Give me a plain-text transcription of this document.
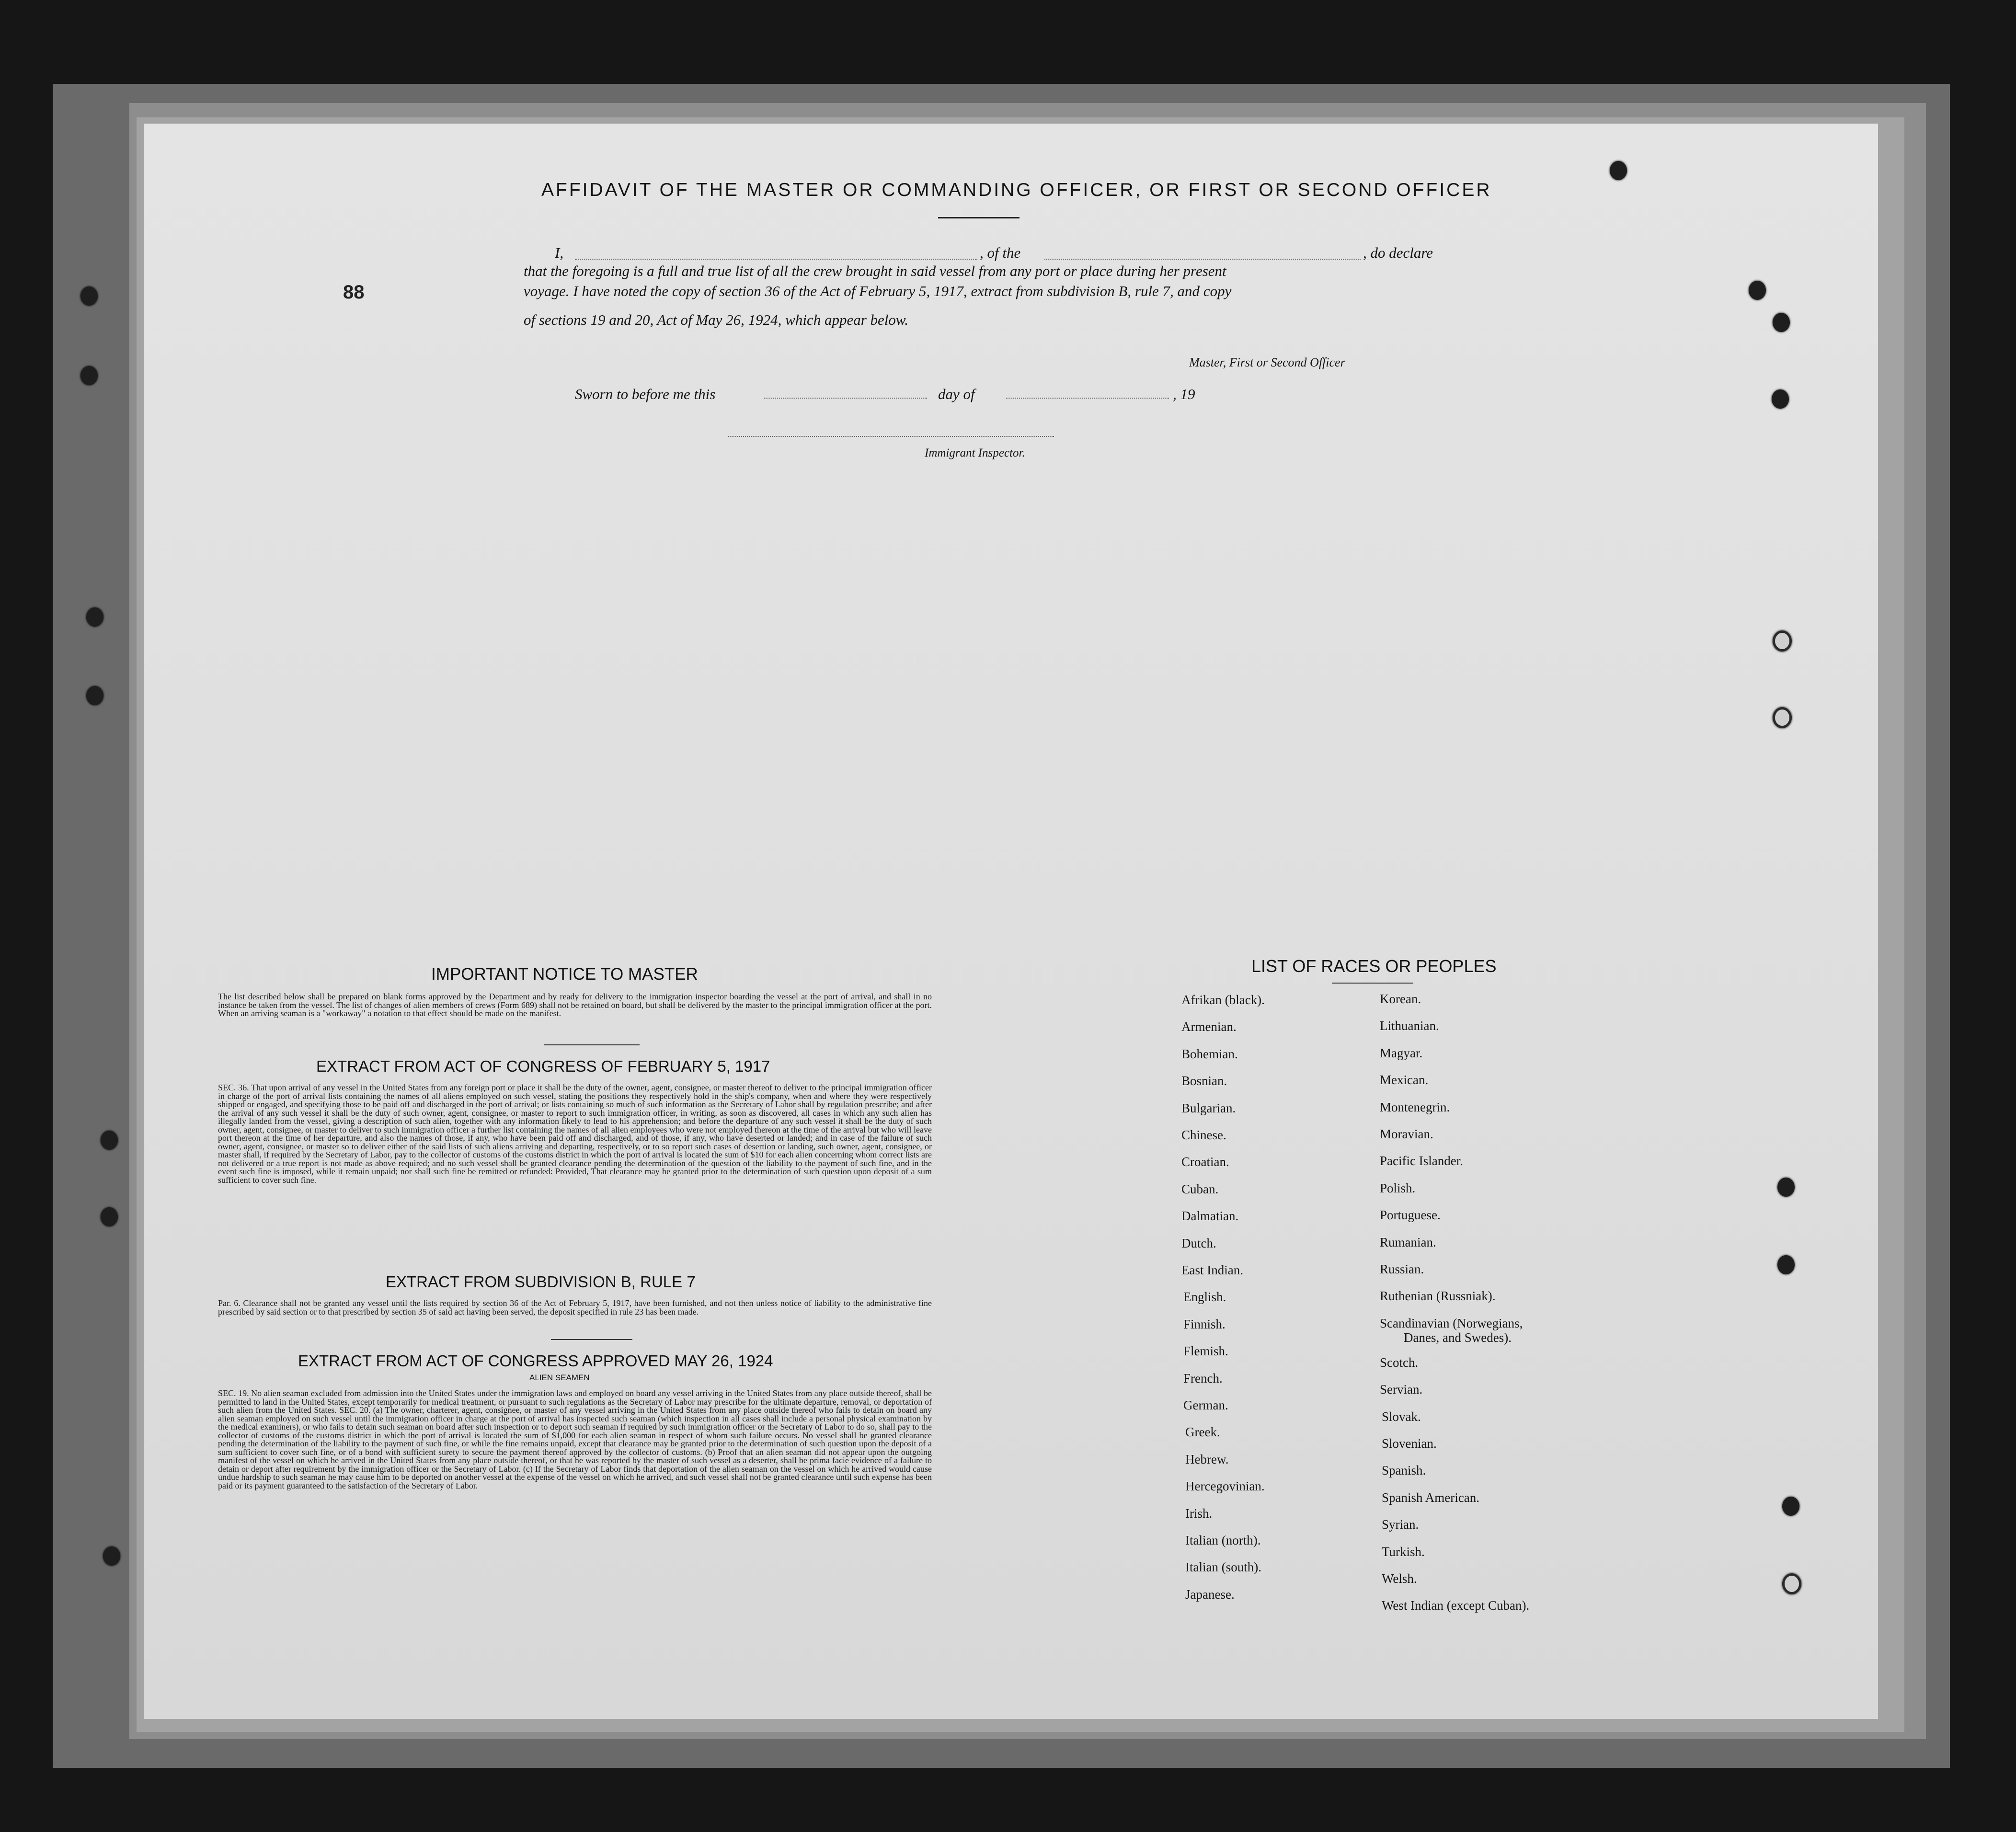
AFFIDAVIT OF THE MASTER OR COMMANDING OFFICER, OR FIRST OR SECOND OFFICER
88
I,	, of the	, do declare
that the foregoing is a full and true list of all the crew brought in said vessel from any port or place during her present
voyage. I have noted the copy of section 36 of the Act of February 5, 1917, extract from subdivision B, rule 7, and copy
of sections 19 and 20, Act of May 26, 1924, which appear below.
Master, First or Second Officer
Sworn to before me this	day of	, 19
Immigrant Inspector.
IMPORTANT NOTICE TO MASTER
The list described below shall be prepared on blank forms approved by the Department and by ready for delivery to the immigration inspector boarding the vessel at the port of arrival, and shall in no instance be taken from the vessel. The list of changes of alien members of crews (Form 689) shall not be retained on board, but shall be delivered by the master to the principal immigration officer at the port. When an arriving seaman is a "workaway" a notation to that effect should be made on the manifest.
EXTRACT FROM ACT OF CONGRESS OF FEBRUARY 5, 1917
SEC. 36. That upon arrival of any vessel in the United States from any foreign port or place it shall be the duty of the owner, agent, consignee, or master thereof to deliver to the principal immigration officer in charge of the port of arrival lists containing the names of all aliens employed on such vessel, stating the positions they respectively hold in the ship's company, when and where they were respectively shipped or engaged, and specifying those to be paid off and discharged in the port of arrival; or lists containing so much of such information as the Secretary of Labor shall by regulation prescribe; and after the arrival of any such vessel it shall be the duty of such owner, agent, consignee, or master to report to such immigration officer, in writing, as soon as discovered, all cases in which any such alien has illegally landed from the vessel, giving a description of such alien, together with any information likely to lead to his apprehension; and before the departure of any such vessel it shall be the duty of such owner, agent, consignee, or master to deliver to such immigration officer a further list containing the names of all alien employees who were not employed thereon at the time of the arrival but who will leave port thereon at the time of her departure, and also the names of those, if any, who have been paid off and discharged, and of those, if any, who have deserted or landed; and in case of the failure of such owner, agent, consignee, or master so to deliver either of the said lists of such aliens arriving and departing, respectively, or to so report such cases of desertion or landing, such owner, agent, consignee, or master shall, if required by the Secretary of Labor, pay to the collector of customs of the customs district in which the port of arrival is located the sum of $10 for each alien concerning whom correct lists are not delivered or a true report is not made as above required; and no such vessel shall be granted clearance pending the determination of the question of the liability to the payment of such fine, and in the event such fine is imposed, while it remain unpaid; nor shall such fine be remitted or refunded: Provided, That clearance may be granted prior to the determination of such question upon deposit of a sum sufficient to cover such fine.
EXTRACT FROM SUBDIVISION B, RULE 7
Par. 6. Clearance shall not be granted any vessel until the lists required by section 36 of the Act of February 5, 1917, have been furnished, and not then unless notice of liability to the administrative fine prescribed by said section or to that prescribed by section 35 of said act having been served, the deposit specified in rule 23 has been made.
EXTRACT FROM ACT OF CONGRESS APPROVED MAY 26, 1924
ALIEN SEAMEN
SEC. 19. No alien seaman excluded from admission into the United States under the immigration laws and employed on board any vessel arriving in the United States from any place outside thereof, shall be permitted to land in the United States, except temporarily for medical treatment, or pursuant to such regulations as the Secretary of Labor may prescribe for the ultimate departure, removal, or deportation of such alien from the United States. SEC. 20. (a) The owner, charterer, agent, consignee, or master of any vessel arriving in the United States from any place outside thereof who fails to detain on board any alien seaman employed on such vessel until the immigration officer in charge at the port of arrival has inspected such seaman (which inspection in all cases shall include a personal physical examination by the medical examiners), or who fails to detain such seaman on board after such inspection or to deport such seaman if required by such immigration officer or the Secretary of Labor to do so, shall pay to the collector of customs of the customs district in which the port of arrival is located the sum of $1,000 for each alien seaman in respect of whom such failure occurs. No vessel shall be granted clearance pending the determination of the liability to the payment of such fine, or while the fine remains unpaid, except that clearance may be granted prior to the determination of such question upon the deposit of a sum sufficient to cover such fine, or of a bond with sufficient surety to secure the payment thereof approved by the collector of customs. (b) Proof that an alien seaman did not appear upon the outgoing manifest of the vessel on which he arrived in the United States from any place outside thereof, or that he was reported by the master of such vessel as a deserter, shall be prima facie evidence of a failure to detain or deport after requirement by the immigration officer or the Secretary of Labor. (c) If the Secretary of Labor finds that deportation of the alien seaman on the vessel on which he arrived would cause undue hardship to such seaman he may cause him to be deported on another vessel at the expense of the vessel on which he arrived, and such vessel shall not be granted clearance until such expense has been paid or its payment guaranteed to the satisfaction of the Secretary of Labor.
LIST OF RACES OR PEOPLES
Afrikan (black).
Armenian.
Bohemian.
Bosnian.
Bulgarian.
Chinese.
Croatian.
Cuban.
Dalmatian.
Dutch.
East Indian.
English.
Finnish.
Flemish.
French.
German.
Greek.
Hebrew.
Hercegovinian.
Irish.
Italian (north).
Italian (south).
Japanese.
Korean.
Lithuanian.
Magyar.
Mexican.
Montenegrin.
Moravian.
Pacific Islander.
Polish.
Portuguese.
Rumanian.
Russian.
Ruthenian (Russniak).
Scandinavian (Norwegians,
Danes, and Swedes).
Scotch.
Servian.
Slovak.
Slovenian.
Spanish.
Spanish American.
Syrian.
Turkish.
Welsh.
West Indian (except Cuban).
